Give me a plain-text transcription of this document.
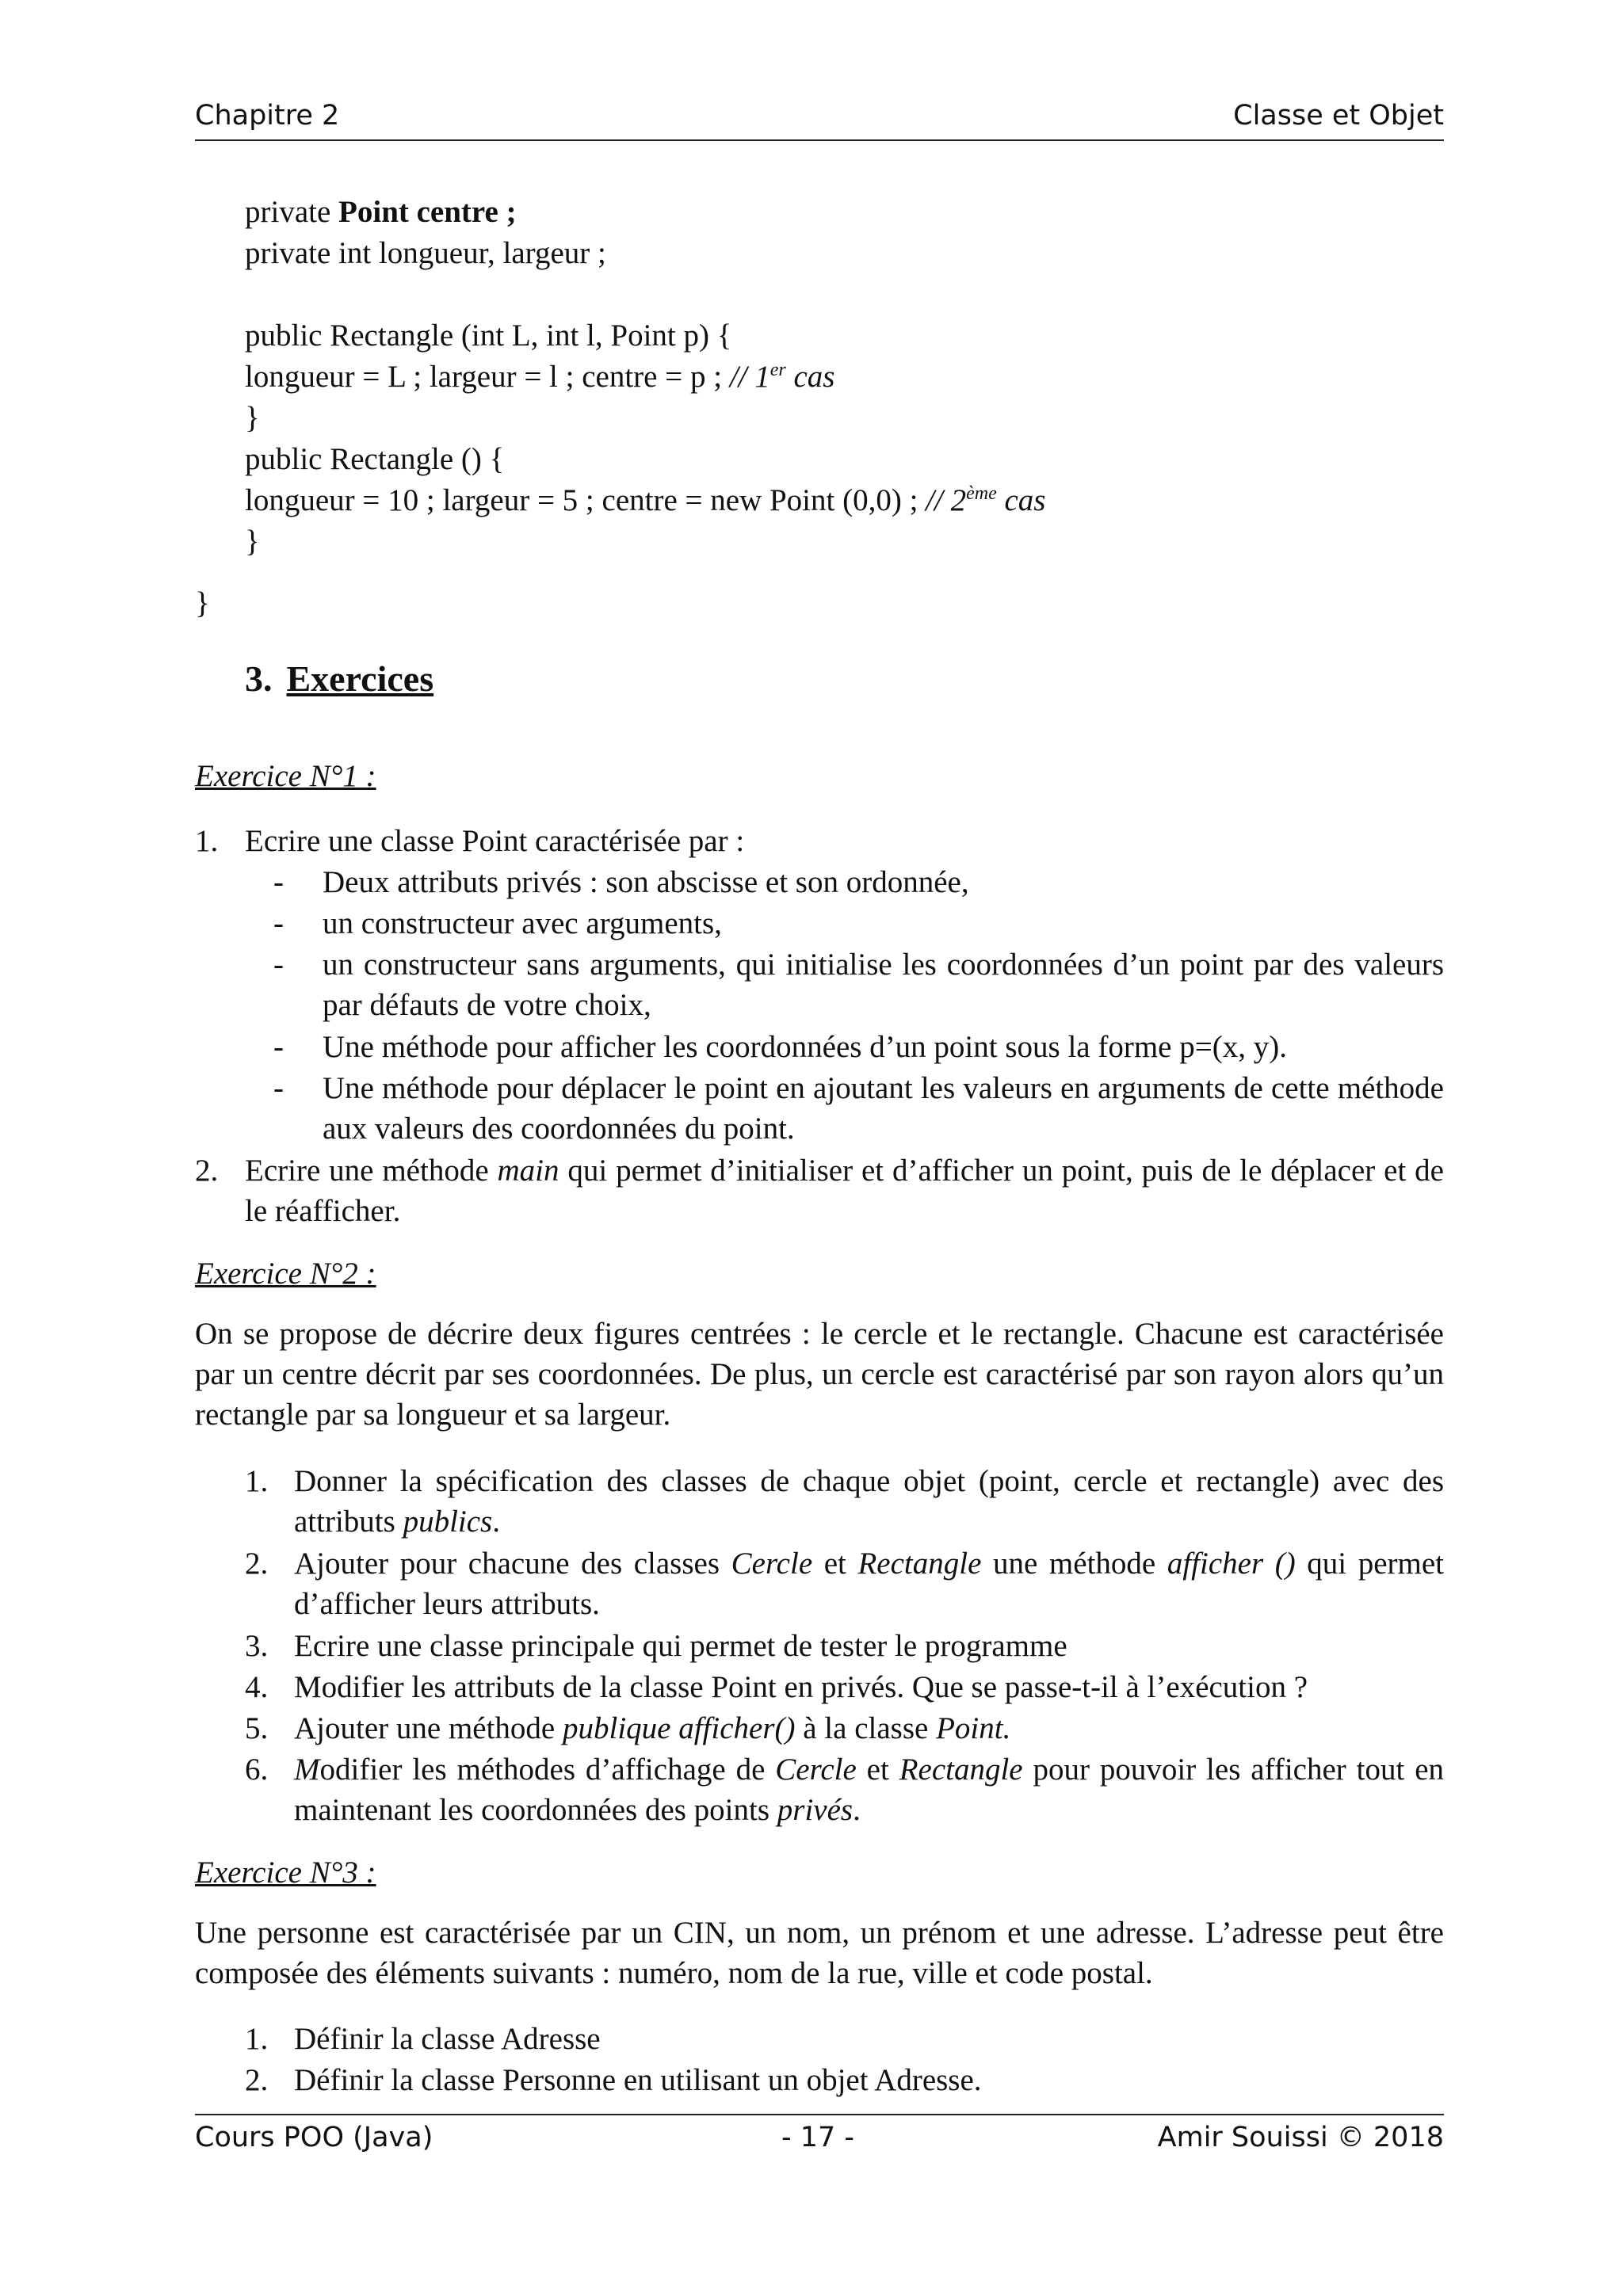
Chapitre 2	Classe et Objet
private Point centre ;
private int longueur, largeur ;
public Rectangle (int L, int l, Point p) {
longueur = L ; largeur = l ; centre = p ; // 1er cas
}
public Rectangle () {
longueur = 10 ; largeur = 5 ; centre = new Point (0,0) ; // 2ème cas
}
}
3. Exercices
Exercice N°1 :
1. Ecrire une classe Point caractérisée par :
- Deux attributs privés : son abscisse et son ordonnée,
- un constructeur avec arguments,
- un constructeur sans arguments, qui initialise les coordonnées d’un point par des valeurs par défauts de votre choix,
- Une méthode pour afficher les coordonnées d’un point sous la forme p=(x, y).
- Une méthode pour déplacer le point en ajoutant les valeurs en arguments de cette méthode aux valeurs des coordonnées du point.
2. Ecrire une méthode main qui permet d’initialiser et d’afficher un point, puis de le déplacer et de le réafficher.
Exercice N°2 :
On se propose de décrire deux figures centrées : le cercle et le rectangle. Chacune est caractérisée par un centre décrit par ses coordonnées. De plus, un cercle est caractérisé par son rayon alors qu’un rectangle par sa longueur et sa largeur.
1. Donner la spécification des classes de chaque objet (point, cercle et rectangle) avec des attributs publics.
2. Ajouter pour chacune des classes Cercle et Rectangle une méthode afficher () qui permet d’afficher leurs attributs.
3. Ecrire une classe principale qui permet de tester le programme
4. Modifier les attributs de la classe Point en privés. Que se passe-t-il à l’exécution ?
5. Ajouter une méthode publique afficher() à la classe Point.
6. Modifier les méthodes d’affichage de Cercle et Rectangle pour pouvoir les afficher tout en maintenant les coordonnées des points privés.
Exercice N°3 :
Une personne est caractérisée par un CIN, un nom, un prénom et une adresse. L’adresse peut être composée des éléments suivants : numéro, nom de la rue, ville et code postal.
1. Définir la classe Adresse
2. Définir la classe Personne en utilisant un objet Adresse.
Cours POO (Java)	- 17 -	Amir Souissi © 2018
